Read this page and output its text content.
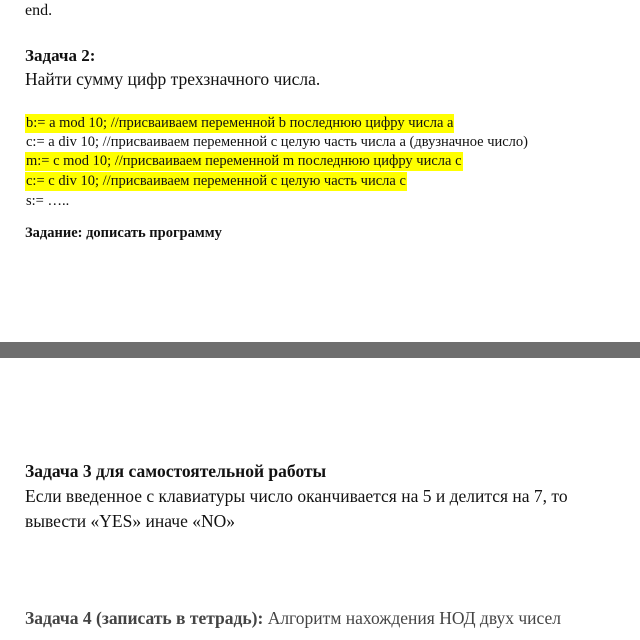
end.
Задача 2:
Найти сумму цифр трехзначного числа.
b:= a mod 10; //присваиваем переменной b последнюю цифру числа a
c:= a div 10; //присваиваем переменной c целую часть числа a (двузначное число)
m:= c mod 10; //присваиваем переменной m последнюю цифру числа c
c:= c div 10; //присваиваем переменной c целую часть числа c
s:= …..
Задание: дописать программу
Задача 3 для самостоятельной работы
Если введенное с клавиатуры число оканчивается на 5 и делится на 7, то
вывести «YES» иначе «NO»
Задача 4 (записать в тетрадь): Алгоритм нахождения НОД двух чисел
